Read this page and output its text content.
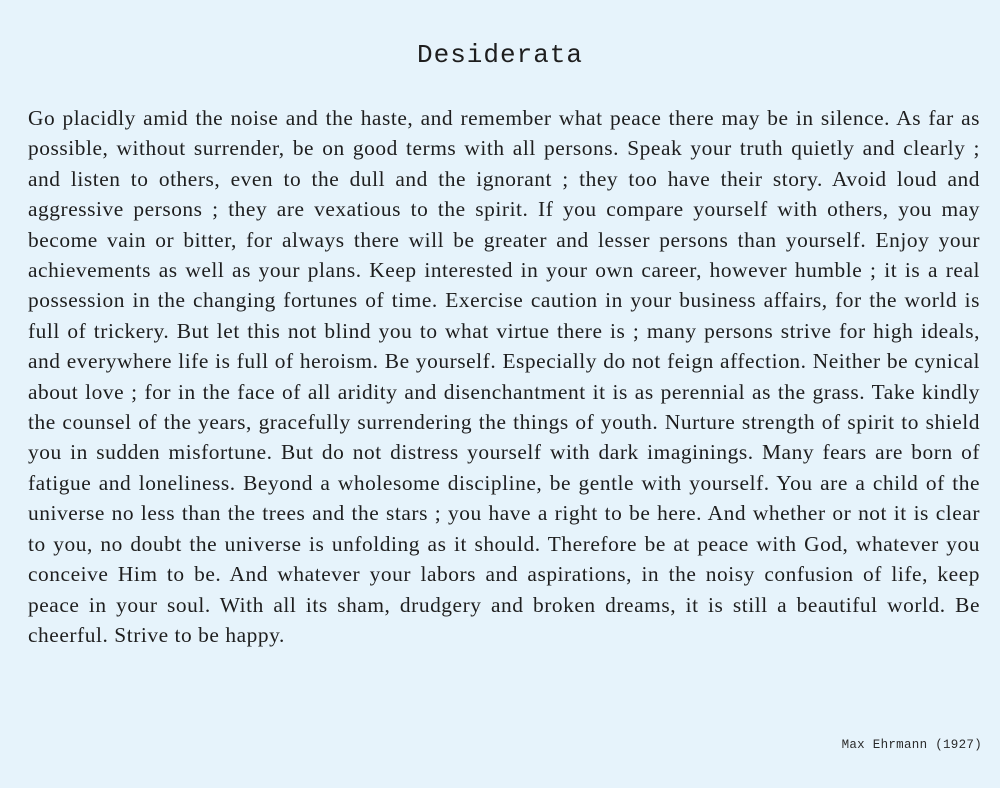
Desiderata

Go placidly amid the noise and the haste, and remember what peace there may be in silence. As far as possible, without surrender, be on good terms with all persons. Speak your truth quietly and clearly ; and listen to others, even to the dull and the ignorant ; they too have their story. Avoid loud and aggressive persons ; they are vexatious to the spirit. If you compare yourself with others, you may become vain or bitter, for always there will be greater and lesser persons than yourself. Enjoy your achievements as well as your plans. Keep interested in your own career, however humble ; it is a real possession in the changing fortunes of time. Exercise caution in your business affairs, for the world is full of trickery. But let this not blind you to what virtue there is ; many persons strive for high ideals, and everywhere life is full of heroism. Be yourself. Especially do not feign affection. Neither be cynical about love ; for in the face of all aridity and disenchantment it is as perennial as the grass. Take kindly the counsel of the years, gracefully surrendering the things of youth. Nurture strength of spirit to shield you in sudden misfortune. But do not distress yourself with dark imaginings. Many fears are born of fatigue and loneliness. Beyond a wholesome discipline, be gentle with yourself. You are a child of the universe no less than the trees and the stars ; you have a right to be here. And whether or not it is clear to you, no doubt the universe is unfolding as it should. Therefore be at peace with God, whatever you conceive Him to be. And whatever your labors and aspirations, in the noisy confusion of life, keep peace in your soul. With all its sham, drudgery and broken dreams, it is still a beautiful world. Be cheerful. Strive to be happy.

Max Ehrmann (1927)
